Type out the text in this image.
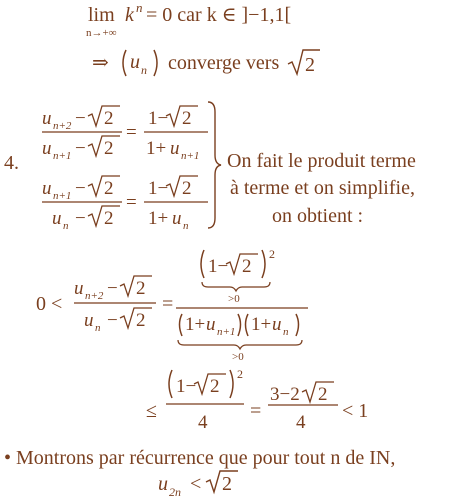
lim
n→+∞
k n = 0 car k ∈ ]−1,1[
⇒ u n converge vers 2
4.
u n+2 − 2
u n+1 − 2
=
1− 2
1+ u n+1
u n+1 − 2
u n − 2
=
1− 2
1+ u n
On fait le produit terme
à terme et on simplifie,
on obtient :
0 <
u n+2 − 2
u n − 2
=
1− 2
2
>0
1+ u n+1 1+ u n
>0
≤
1− 2
2
4
=
3−2 2
4
< 1
• Montrons par récurrence que pour tout n de IN,
u 2n < 2
